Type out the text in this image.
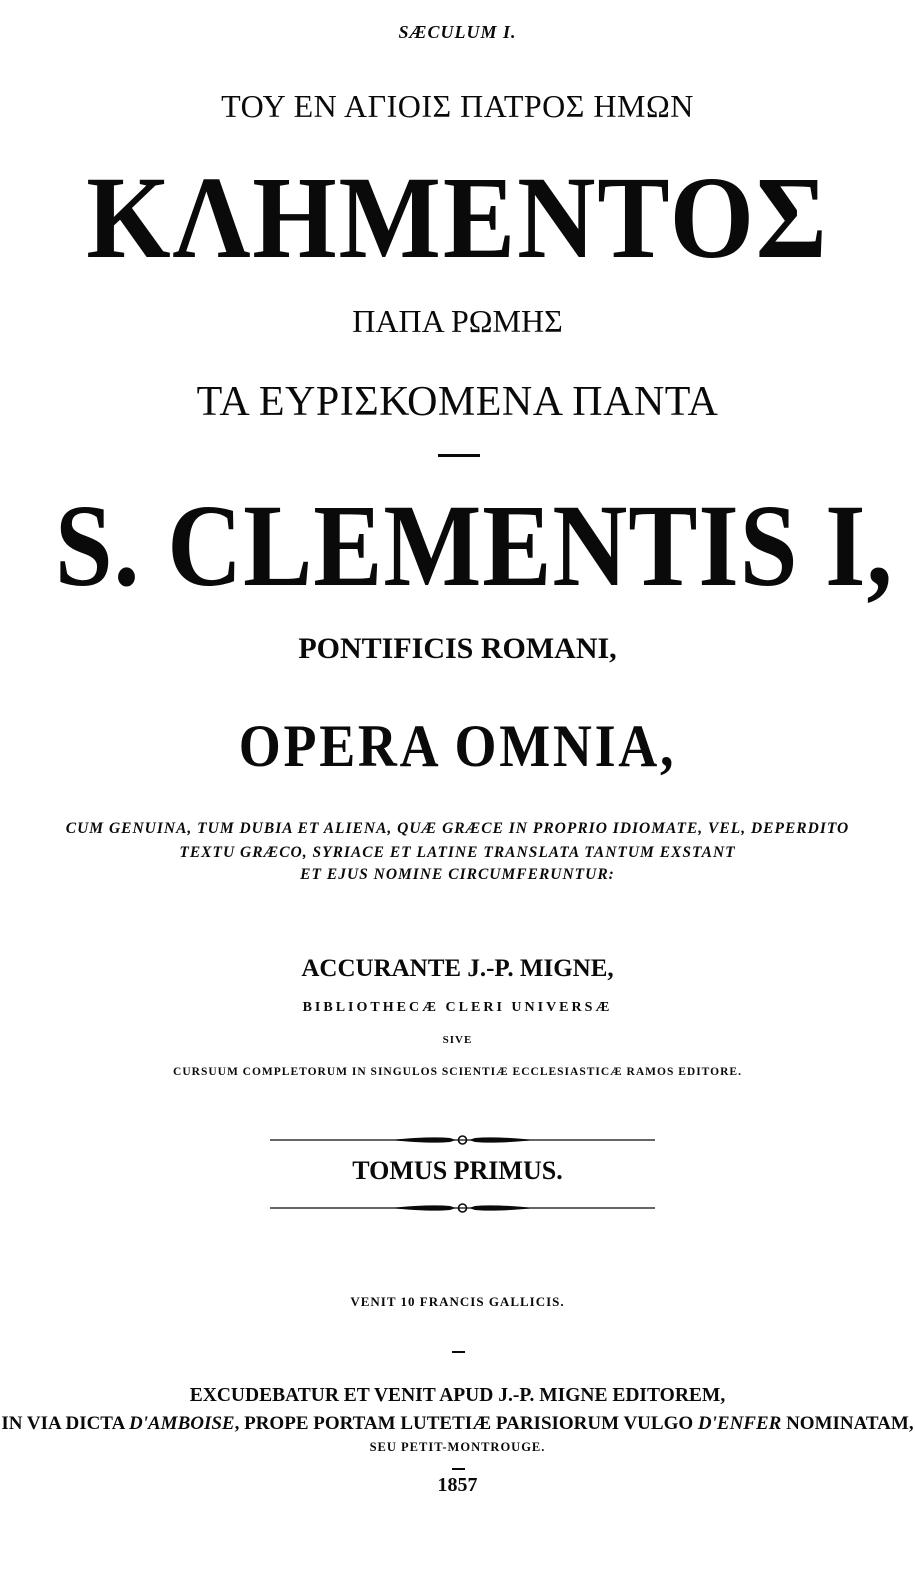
SÆCULUM I.
ΤΟΥ ΕΝ ΑΓΙΟΙΣ ΠΑΤΡΟΣ ΗΜΩΝ
ΚΛΗΜΕΝΤΟΣ
ΠΑΠΑ ΡΩΜΗΣ
ΤΑ ΕΥΡΙΣΚΟΜΕΝΑ ΠΑΝΤΑ
S. CLEMENTIS I,
PONTIFICIS ROMANI,
OPERA OMNIA,
CUM GENUINA, TUM DUBIA ET ALIENA, QUÆ GRÆCE IN PROPRIO IDIOMATE, VEL, DEPERDITO
TEXTU GRÆCO, SYRIACE ET LATINE TRANSLATA TANTUM EXSTANT
ET EJUS NOMINE CIRCUMFERUNTUR:
ACCURANTE J.-P. MIGNE,
BIBLIOTHECÆ CLERI UNIVERSÆ
SIVE
CURSUUM COMPLETORUM IN SINGULOS SCIENTIÆ ECCLESIASTICÆ RAMOS EDITORE.
TOMUS PRIMUS.
VENIT 10 FRANCIS GALLICIS.
EXCUDEBATUR ET VENIT APUD J.-P. MIGNE EDITOREM,
IN VIA DICTA D'AMBOISE, PROPE PORTAM LUTETIÆ PARISIORUM VULGO D'ENFER NOMINATAM,
SEU PETIT-MONTROUGE.
1857
